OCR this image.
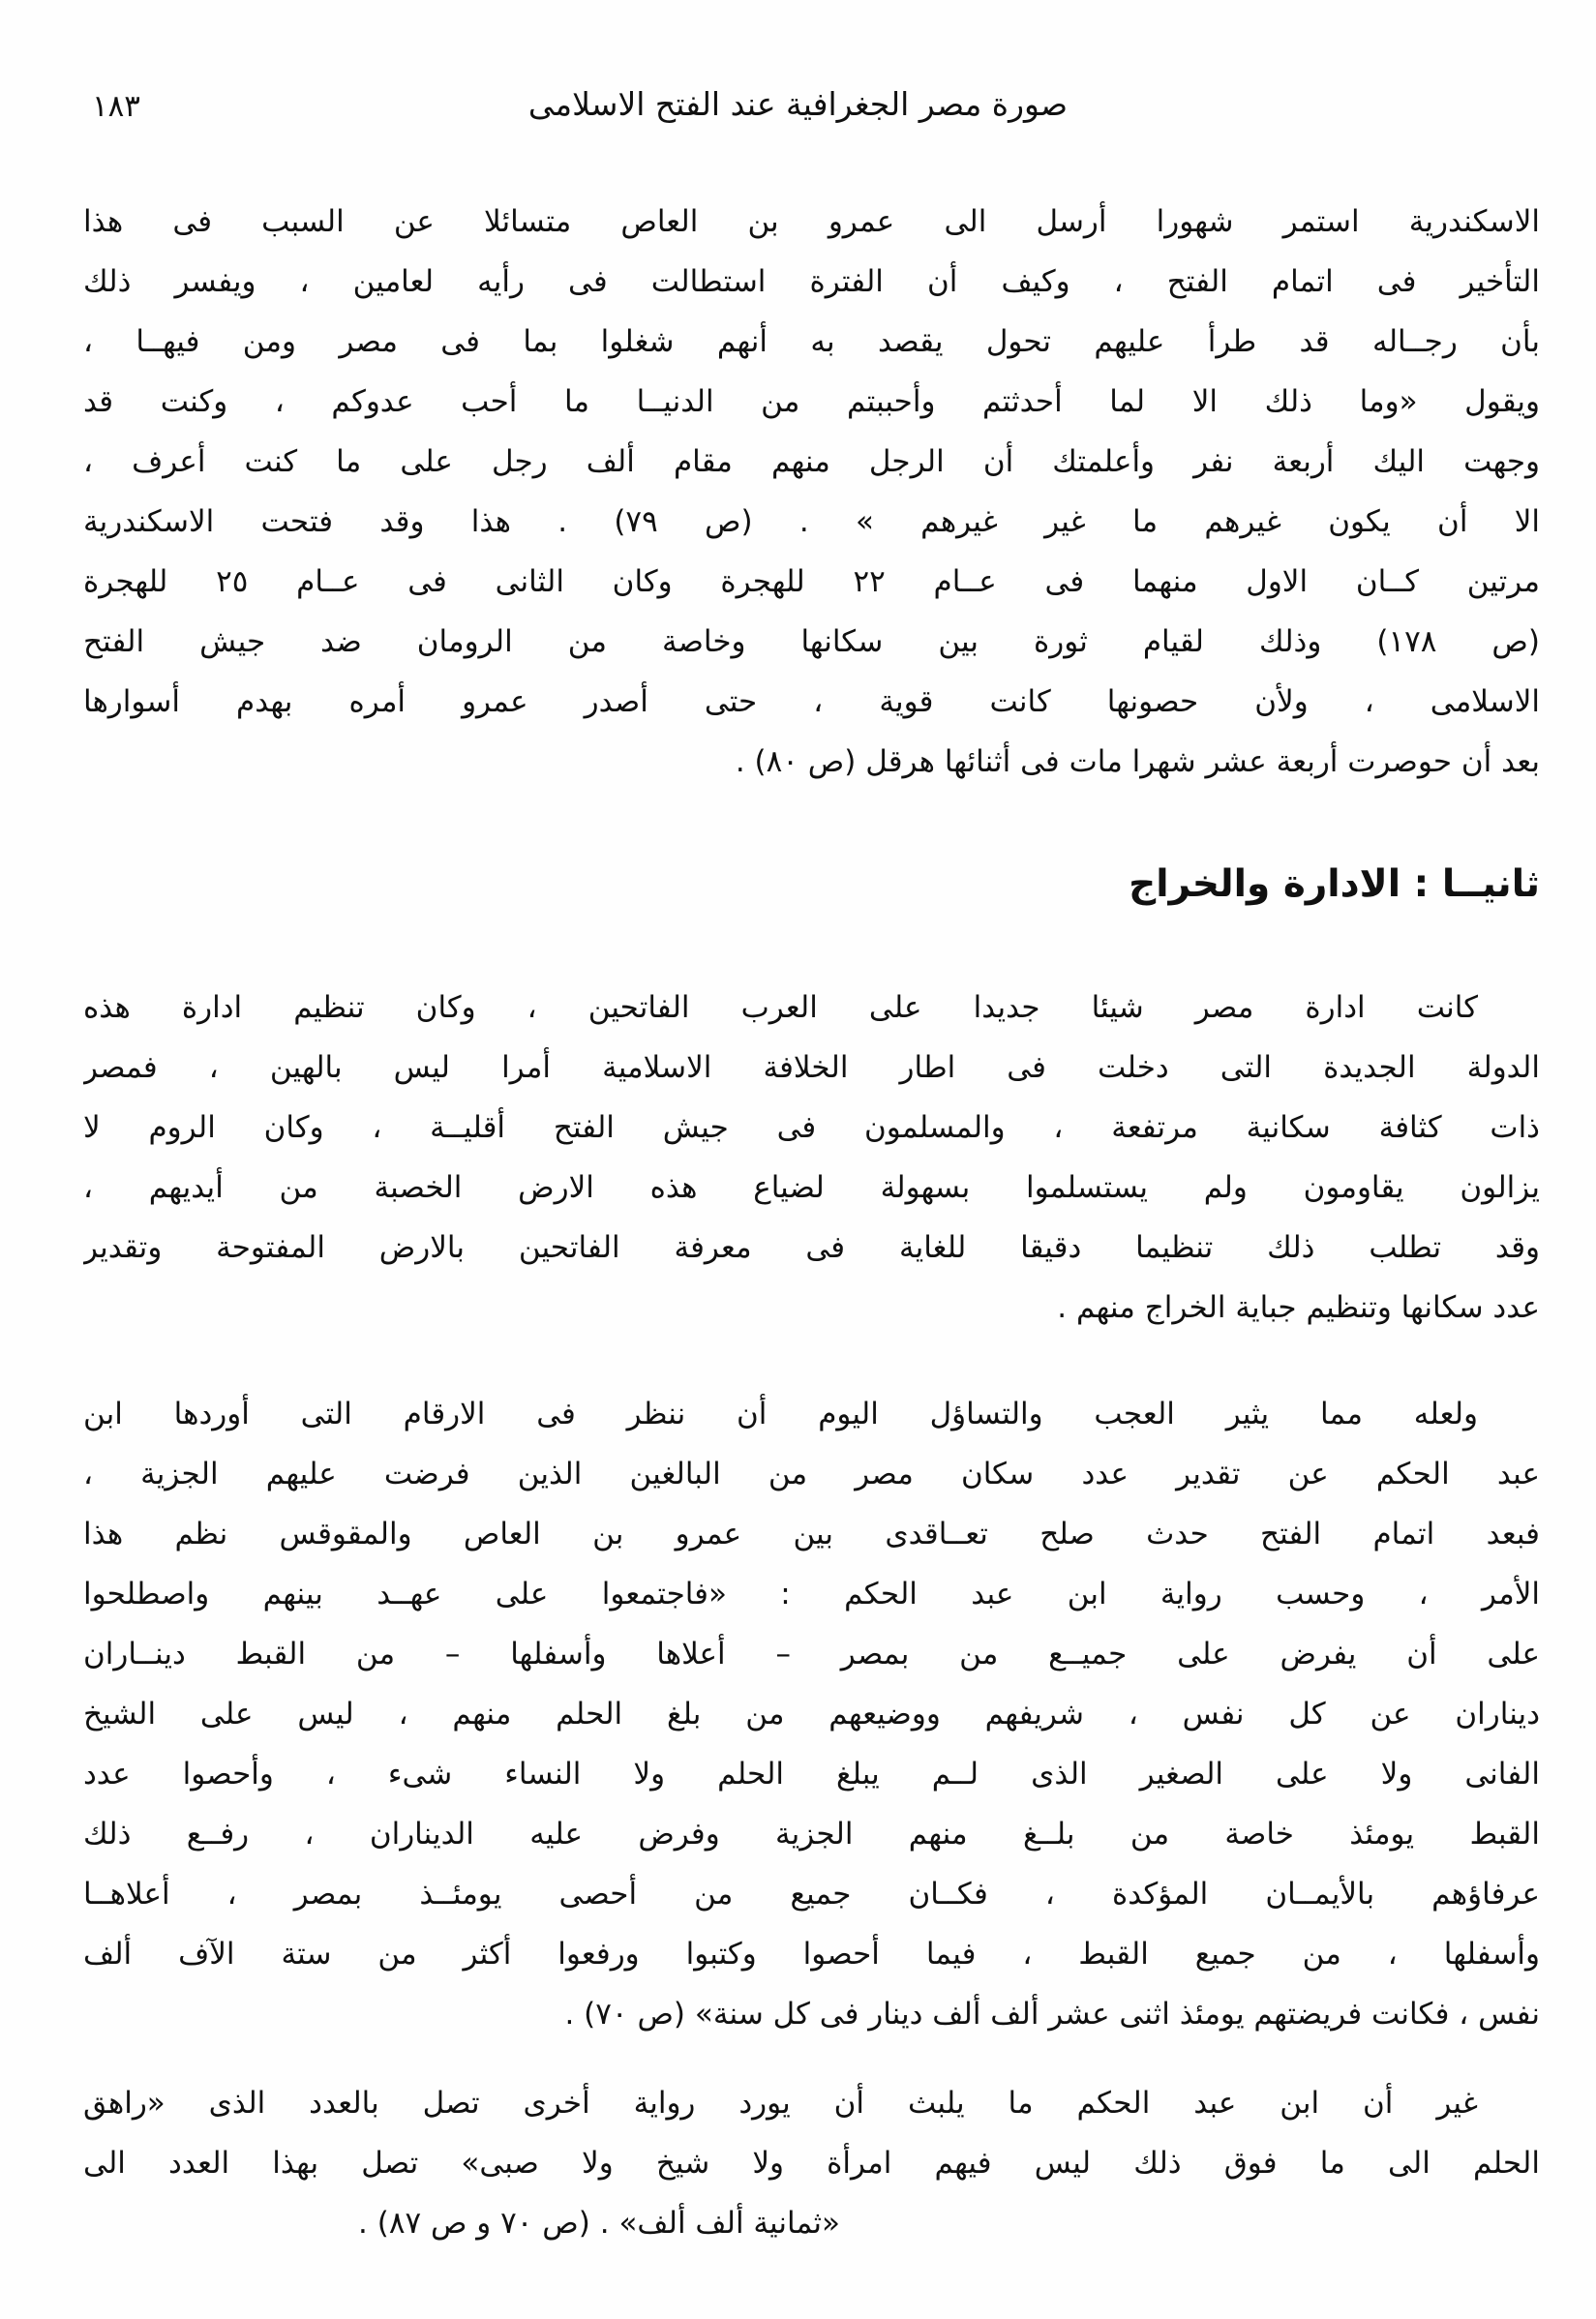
١٨٣	صورة مصر الجغرافية عند الفتح الاسلامى
الاسكندرية استمر شهورا أرسل الى عمرو بن العاص متسائلا عن السبب فى هذا
التأخير فى اتمام الفتح ، وكيف أن الفترة استطالت فى رأيه لعامين ، ويفسر ذلك
بأن رجــاله قد طرأ عليهم تحول يقصد به أنهم شغلوا بما فى مصر ومن فيهــا ،
ويقول «وما ذلك الا لما أحدثتم وأحببتم من الدنيــا ما أحب عدوكم ، وكنت قد
وجهت اليك أربعة نفر وأعلمتك أن الرجل منهم مقام ألف رجل على ما كنت أعرف ،
الا أن يكون غيرهم ما غير غيرهم » . (ص ٧٩) . هذا وقد فتحت الاسكندرية
مرتين كــان الاول منهما فى عــام ٢٢ للهجرة وكان الثانى فى عــام ٢٥ للهجرة
(ص ١٧٨) وذلك لقيام ثورة بين سكانها وخاصة من الرومان ضد جيش الفتح
الاسلامى ، ولأن حصونها كانت قوية ، حتى أصدر عمرو أمره بهدم أسوارها
بعد أن حوصرت أربعة عشر شهرا مات فى أثنائها هرقل (ص ٨٠) .
ثانيــا : الادارة والخراج
كانت ادارة مصر شيئا جديدا على العرب الفاتحين ، وكان تنظيم ادارة هذه
الدولة الجديدة التى دخلت فى اطار الخلافة الاسلامية أمرا ليس بالهين ، فمصر
ذات كثافة سكانية مرتفعة ، والمسلمون فى جيش الفتح أقليــة ، وكان الروم لا
يزالون يقاومون ولم يستسلموا بسهولة لضياع هذه الارض الخصبة من أيديهم ،
وقد تطلب ذلك تنظيما دقيقا للغاية فى معرفة الفاتحين بالارض المفتوحة وتقدير
عدد سكانها وتنظيم جباية الخراج منهم .
ولعله مما يثير العجب والتساؤل اليوم أن ننظر فى الارقام التى أوردها ابن
عبد الحكم عن تقدير عدد سكان مصر من البالغين الذين فرضت عليهم الجزية ،
فبعد اتمام الفتح حدث صلح تعــاقدى بين عمرو بن العاص والمقوقس نظم هذا
الأمر ، وحسب رواية ابن عبد الحكم : «فاجتمعوا على عهــد بينهم واصطلحوا
على أن يفرض على جميــع من بمصر – أعلاها وأسفلها – من القبط دينــاران
ديناران عن كل نفس ، شريفهم ووضيعهم من بلغ الحلم منهم ، ليس على الشيخ
الفانى ولا على الصغير الذى لــم يبلغ الحلم ولا النساء شىء ، وأحصوا عدد
القبط يومئذ خاصة من بلــغ منهم الجزية وفرض عليه الديناران ، رفــع ذلك
عرفاؤهم بالأيمــان المؤكدة ، فكــان جميع من أحصى يومئــذ بمصر ، أعلاهــا
وأسفلها ، من جميع القبط ، فيما أحصوا وكتبوا ورفعوا أكثر من ستة الآف ألف
نفس ، فكانت فريضتهم يومئذ اثنى عشر ألف ألف دينار فى كل سنة» (ص ٧٠) .
غير أن ابن عبد الحكم ما يلبث أن يورد رواية أخرى تصل بالعدد الذى «راهق
الحلم الى ما فوق ذلك ليس فيهم امرأة ولا شيخ ولا صبى» تصل بهذا العدد الى
«ثمانية ألف ألف» . (ص ٧٠ و ص ٨٧) .
